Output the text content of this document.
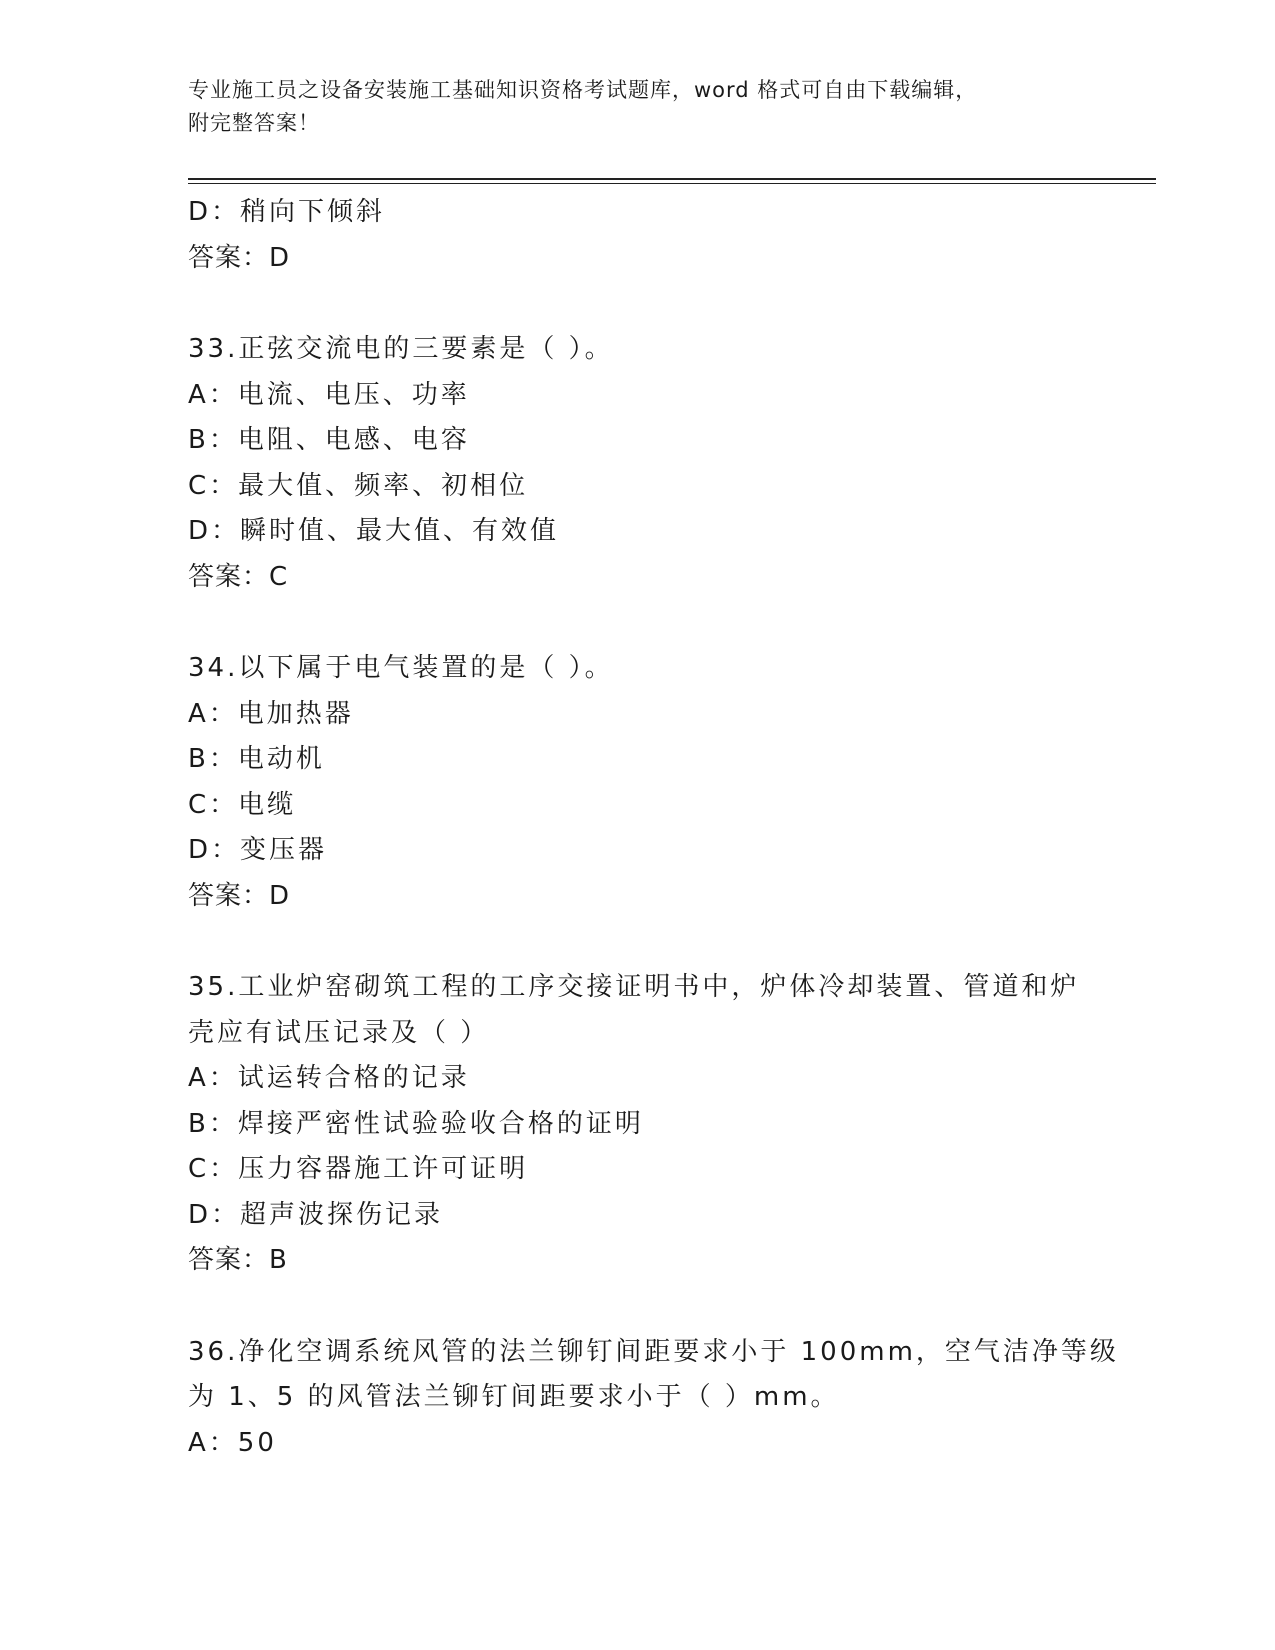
专业施工员之设备安装施工基础知识资格考试题库，word 格式可自由下载编辑，
附完整答案！
D：稍向下倾斜
答案：D
33.正弦交流电的三要素是（ ）。
A：电流、电压、功率
B：电阻、电感、电容
C：最大值、频率、初相位
D：瞬时值、最大值、有效值
答案：C
34.以下属于电气装置的是（ ）。
A：电加热器
B：电动机
C：电缆
D：变压器
答案：D
35.工业炉窑砌筑工程的工序交接证明书中，炉体冷却装置、管道和炉
壳应有试压记录及（ ）
A：试运转合格的记录
B：焊接严密性试验验收合格的证明
C：压力容器施工许可证明
D：超声波探伤记录
答案：B
36.净化空调系统风管的法兰铆钉间距要求小于 100mm，空气洁净等级
为 1、5 的风管法兰铆钉间距要求小于（ ）mm。
A：50
